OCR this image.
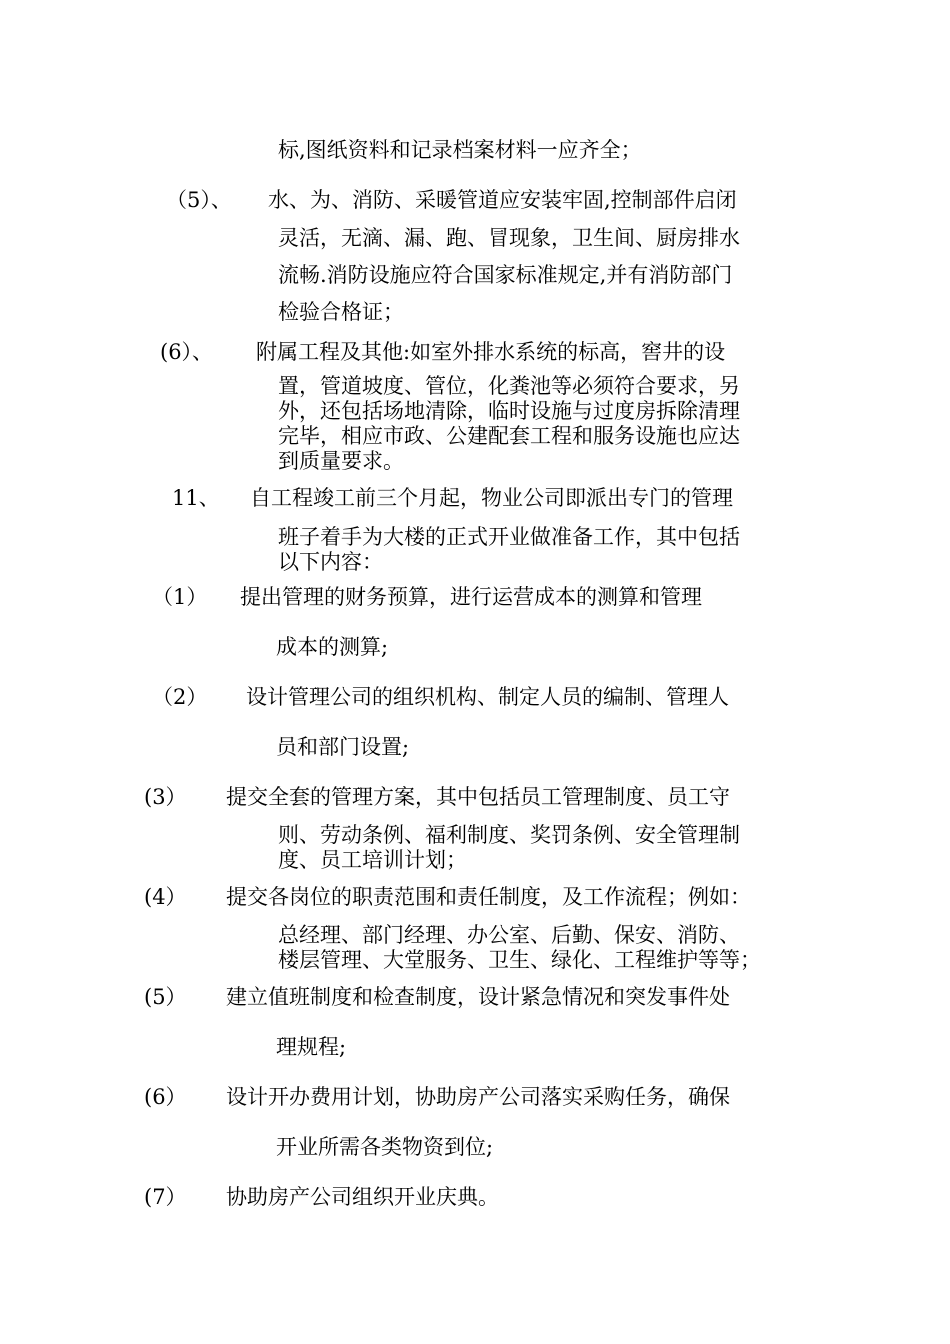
标,图纸资料和记录档案材料一应齐全；
（5）、 水、为、消防、采暖管道应安装牢固,控制部件启闭
灵活，无滴、漏、跑、冒现象，卫生间、厨房排水
流畅.消防设施应符合国家标准规定,并有消防部门
检验合格证；
(6）、 附属工程及其他:如室外排水系统的标高，窖井的设
置，管道坡度、管位，化粪池等必须符合要求，另
外，还包括场地清除，临时设施与过度房拆除清理
完毕，相应市政、公建配套工程和服务设施也应达
到质量要求。
11、 自工程竣工前三个月起，物业公司即派出专门的管理
班子着手为大楼的正式开业做准备工作，其中包括
以下内容：
（1） 提出管理的财务预算，进行运营成本的测算和管理
成本的测算;
（2） 设计管理公司的组织机构、制定人员的编制、管理人
员和部门设置;
(3） 提交全套的管理方案，其中包括员工管理制度、员工守
则、劳动条例、福利制度、奖罚条例、安全管理制
度、员工培训计划；
(4） 提交各岗位的职责范围和责任制度，及工作流程；例如：
总经理、部门经理、办公室、后勤、保安、消防、
楼层管理、大堂服务、卫生、绿化、工程维护等等；
(5） 建立值班制度和检查制度，设计紧急情况和突发事件处
理规程;
(6） 设计开办费用计划，协助房产公司落实采购任务，确保
开业所需各类物资到位;
(7） 协助房产公司组织开业庆典。
